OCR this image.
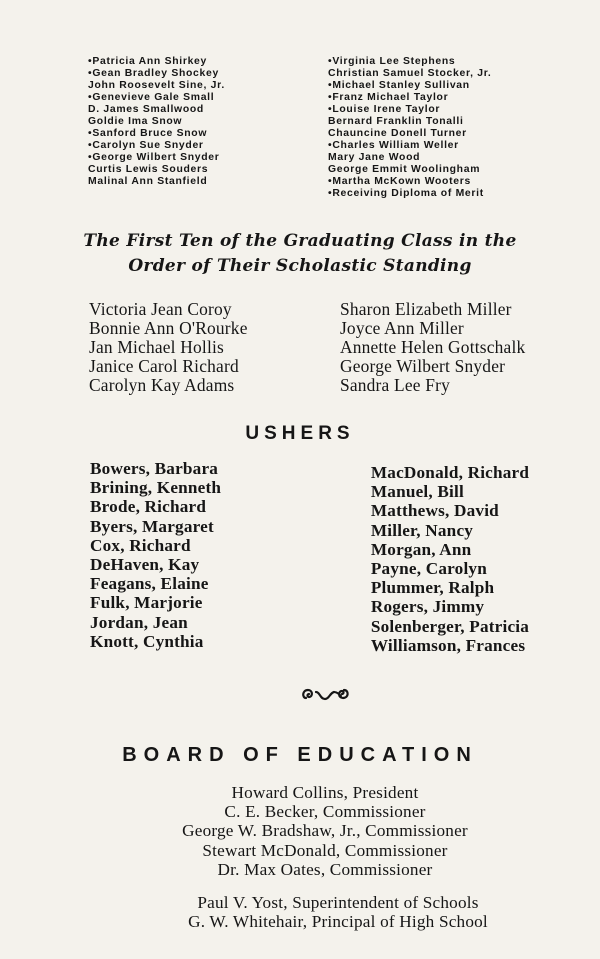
•Patricia Ann Shirkey
•Gean Bradley Shockey
John Roosevelt Sine, Jr.
•Genevieve Gale Small
D. James Smallwood
Goldie Ima Snow
•Sanford Bruce Snow
•Carolyn Sue Snyder
•George Wilbert Snyder
Curtis Lewis Souders
Malinal Ann Stanfield
•Virginia Lee Stephens
Christian Samuel Stocker, Jr.
•Michael Stanley Sullivan
•Franz Michael Taylor
•Louise Irene Taylor
Bernard Franklin Tonalli
Chauncine Donell Turner
•Charles William Weller
Mary Jane Wood
George Emmit Woolingham
•Martha McKown Wooters
•Receiving Diploma of Merit
The First Ten of the Graduating Class in the
Order of Their Scholastic Standing
Victoria Jean Coroy
Bonnie Ann O'Rourke
Jan Michael Hollis
Janice Carol Richard
Carolyn Kay Adams
Sharon Elizabeth Miller
Joyce Ann Miller
Annette Helen Gottschalk
George Wilbert Snyder
Sandra Lee Fry
USHERS
Bowers, Barbara
Brining, Kenneth
Brode, Richard
Byers, Margaret
Cox, Richard
DeHaven, Kay
Feagans, Elaine
Fulk, Marjorie
Jordan, Jean
Knott, Cynthia
MacDonald, Richard
Manuel, Bill
Matthews, David
Miller, Nancy
Morgan, Ann
Payne, Carolyn
Plummer, Ralph
Rogers, Jimmy
Solenberger, Patricia
Williamson, Frances
BOARD OF EDUCATION
Howard Collins, President
C. E. Becker, Commissioner
George W. Bradshaw, Jr., Commissioner
Stewart McDonald, Commissioner
Dr. Max Oates, Commissioner
Paul V. Yost, Superintendent of Schools
G. W. Whitehair, Principal of High School
